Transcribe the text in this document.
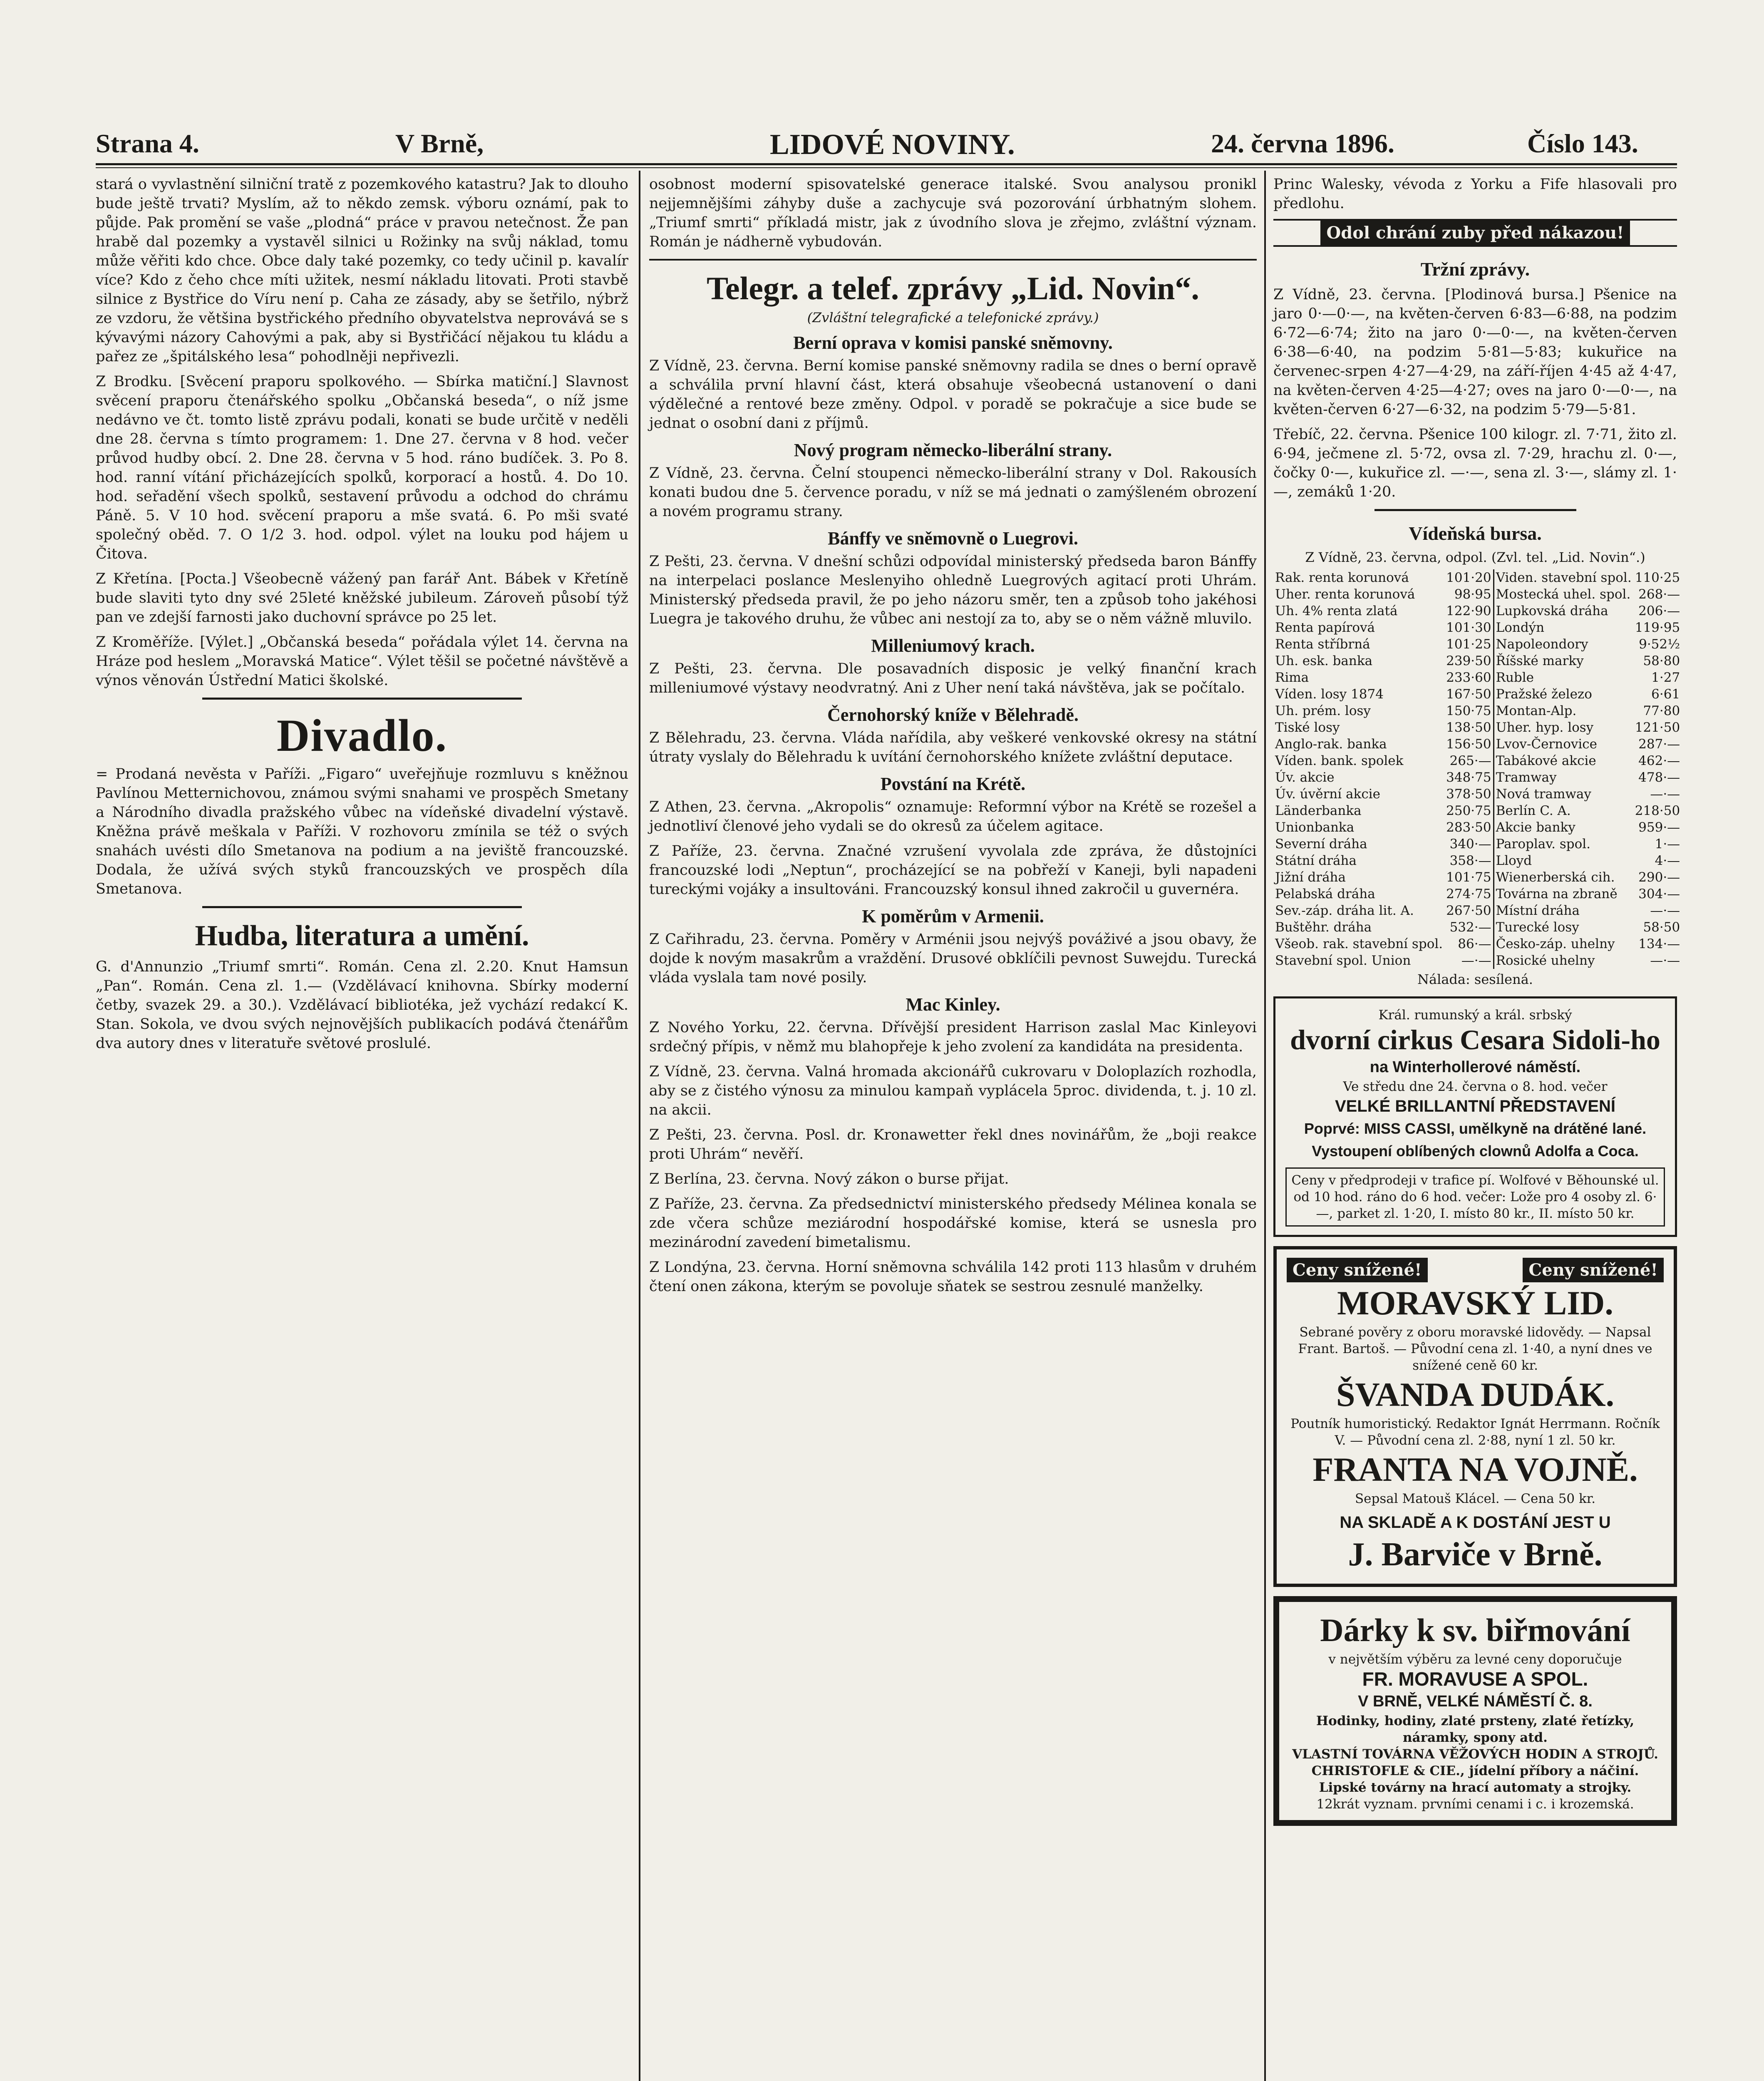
Strana 4.	V Brně,	LIDOVÉ NOVINY.	24. června 1896.	Číslo 143.

stará o vyvlastnění silniční tratě z pozemkového katastru? Jak to dlouho bude ještě trvati? Myslím, až to někdo zemsk. výboru oznámí, pak to půjde. Pak promění se vaše „plodná“ práce v pravou netečnost. Že pan hrabě dal pozemky a vystavěl silnici u Rožinky na svůj náklad, tomu může věřiti kdo chce. Obce daly také pozemky, co tedy učinil p. kavalír více? Kdo z čeho chce míti užitek, nesmí nákladu litovati. Proti stavbě silnice z Bystřice do Víru není p. Caha ze zásady, aby se šetřilo, nýbrž ze vzdoru, že většina bystřického předního obyvatelstva neprovává se s kývavými názory Cahovými a pak, aby si Bystřičácí nějakou tu kládu a pařez ze „špitálského lesa“ pohodlněji nepřivezli.

Z Brodku. [Svěcení praporu spolkového. — Sbírka matiční.] Slavnost svěcení praporu čtenářského spolku „Občanská beseda“, o níž jsme nedávno ve čt. tomto listě zprávu podali, konati se bude určitě v neděli dne 28. června s tímto programem: 1. Dne 27. června v 8 hod. večer průvod hudby obcí. 2. Dne 28. června v 5 hod. ráno budíček. 3. Po 8. hod. ranní vítání přicházejících spolků, korporací a hostů. 4. Do 10. hod. seřadění všech spolků, sestavení průvodu a odchod do chrámu Páně. 5. V 10 hod. svěcení praporu a mše svatá. 6. Po mši svaté společný oběd. 7. O 1/2 3. hod. odpol. výlet na louku pod hájem u Čitova.

Z Křetína. [Pocta.] Všeobecně vážený pan farář Ant. Bábek v Křetíně bude slaviti tyto dny své 25leté kněžské jubileum. Zároveň působí týž pan ve zdejší farnosti jako duchovní správce po 25 let.

Z Kroměříže. [Výlet.] „Občanská beseda“ pořádala výlet 14. června na Hráze pod heslem „Moravská Matice“. Výlet těšil se početné návštěvě a výnos věnován Ústřední Matici školské.

Divadlo.

= Prodaná nevěsta v Paříži. „Figaro“ uveřejňuje rozmluvu s kněžnou Pavlínou Metternichovou, známou svými snahami ve prospěch Smetany a Národního divadla pražského vůbec na vídeňské divadelní výstavě. Kněžna právě meškala v Paříži. V rozhovoru zmínila se též o svých snahách uvésti dílo Smetanova na podium a na jeviště francouzské. Dodala, že užívá svých styků francouzských ve prospěch díla Smetanova.

Hudba, literatura a umění.

G. d'Annunzio „Triumf smrti“. Román. Cena zl. 2.20. Knut Hamsun „Pan“. Román. Cena zl. 1.— (Vzdělávací knihovna. Sbírky moderní četby, svazek 29. a 30.). Vzdělávací bibliotéka, jež vychází redakcí K. Stan. Sokola, ve dvou svých nejnovějších publikacích podává čtenářům dva autory dnes v literatuře světové proslulé.

osobnost moderní spisovatelské generace italské. Svou analysou pronikl nejjemnějšími záhyby duše a zachycuje svá pozorování úrbhatným slohem. „Triumf smrti“ příkladá mistr, jak z úvodního slova je zřejmo, zvláštní význam. Román je nádherně vybudován.

Telegr. a telef. zprávy „Lid. Novin“.
(Zvláštní telegrafické a telefonické zprávy.)
Berní oprava v komisi panské sněmovny.

Z Vídně, 23. června. Berní komise panské sněmovny radila se dnes o berní opravě a schválila první hlavní část, která obsahuje všeobecná ustanovení o dani výdělečné a rentové beze změny. Odpol. v poradě se pokračuje a sice bude se jednat o osobní dani z příjmů.

Nový program německo-liberální strany.

Z Vídně, 23. června. Čelní stoupenci německo-liberální strany v Dol. Rakousích konati budou dne 5. července poradu, v níž se má jednati o zamýšleném obrození a novém programu strany.

Bánffy ve sněmovně o Luegrovi.

Z Pešti, 23. června. V dnešní schůzi odpovídal ministerský předseda baron Bánffy na interpelaci poslance Meslenyiho ohledně Luegrových agitací proti Uhrám. Ministerský předseda pravil, že po jeho názoru směr, ten a způsob toho jakéhosi Luegra je takového druhu, že vůbec ani nestojí za to, aby se o něm vážně mluvilo.

Milleniumový krach.

Z Pešti, 23. června. Dle posavadních disposic je velký finanční krach milleniumové výstavy neodvratný. Ani z Uher není taká návštěva, jak se počítalo.

Černohorský kníže v Bělehradě.

Z Bělehradu, 23. června. Vláda nařídila, aby veškeré venkovské okresy na státní útraty vyslaly do Bělehradu k uvítání černohorského knížete zvláštní deputace.

Povstání na Krétě.

Z Athen, 23. června. „Akropolis“ oznamuje: Reformní výbor na Krétě se rozešel a jednotliví členové jeho vydali se do okresů za účelem agitace.

Z Paříže, 23. června. Značné vzrušení vyvolala zde zpráva, že důstojníci francouzské lodi „Neptun“, procházející se na pobřeží v Kaneji, byli napadeni tureckými vojáky a insultováni. Francouzský konsul ihned zakročil u guvernéra.

K poměrům v Armenii.

Z Cařihradu, 23. června. Poměry v Arménii jsou nejvýš pováživé a jsou obavy, že dojde k novým masakrům a vraždění. Drusové obklíčili pevnost Suwejdu. Turecká vláda vyslala tam nové posily.

Mac Kinley.

Z Nového Yorku, 22. června. Dřívější president Harrison zaslal Mac Kinleyovi srdečný přípis, v němž mu blahopřeje k jeho zvolení za kandidáta na presidenta.

Z Vídně, 23. června. Valná hromada akcionářů cukrovaru v Doloplazích rozhodla, aby se z čistého výnosu za minulou kampaň vyplácela 5proc. dividenda, t. j. 10 zl. na akcii.

Z Pešti, 23. června. Posl. dr. Kronawetter řekl dnes novinářům, že „boji reakce proti Uhrám“ nevěří.

Z Berlína, 23. června. Nový zákon o burse přijat.

Z Paříže, 23. června. Za předsednictví ministerského předsedy Mélinea konala se zde včera schůze meziárodní hospodářské komise, která se usnesla pro mezinárodní zavedení bimetalismu.

Z Londýna, 23. června. Horní sněmovna schválila 142 proti 113 hlasům v druhém čtení onen zákona, kterým se povoluje sňatek se sestrou zesnulé manželky.

Princ Walesky, vévoda z Yorku a Fife hlasovali pro předlohu.

Odol chrání zuby před nákazou!
Tržní zprávy.

Z Vídně, 23. června. [Plodinová bursa.] Pšenice na jaro 0·—0·—, na květen-červen 6·83—6·88, na podzim 6·72—6·74; žito na jaro 0·—0·—, na květen-červen 6·38—6·40, na podzim 5·81—5·83; kukuřice na červenec-srpen 4·27—4·29, na září-říjen 4·45 až 4·47, na květen-červen 4·25—4·27; oves na jaro 0·—0·—, na květen-červen 6·27—6·32, na podzim 5·79—5·81.

Třebíč, 22. června. Pšenice 100 kilogr. zl. 7·71, žito zl. 6·94, ječmene zl. 5·72, ovsa zl. 7·29, hrachu zl. 0·—, čočky 0·—, kukuřice zl. —·—, sena zl. 3·—, slámy zl. 1·—, zemáků 1·20.

Vídeňská bursa.
Z Vídně, 23. června, odpol. (Zvl. tel. „Lid. Novin“.)
Rak. renta korunová	101·20	Viden. stavební spol.	110·25
Uher. renta korunová	98·95	Mostecká uhel. spol.	268·—
Uh. 4% renta zlatá	122·90	Lupkovská dráha	206·—
Renta papírová	101·30	Londýn	119·95
Renta stříbrná	101·25	Napoleondory	9·52½
Uh. esk. banka	239·50	Říšské marky	58·80
Rima	233·60	Ruble	1·27
Víden. losy 1874	167·50	Pražské železo	6·61
Uh. prém. losy	150·75	Montan-Alp.	77·80
Tiské losy	138·50	Uher. hyp. losy	121·50
Anglo-rak. banka	156·50	Lvov-Černovice	287·—
Víden. bank. spolek	265·—	Tabákové akcie	462·—
Úv. akcie	348·75	Tramway	478·—
Úv. úvěrní akcie	378·50	Nová tramway	—·—
Länderbanka	250·75	Berlín C. A.	218·50
Unionbanka	283·50	Akcie banky	959·—
Severní dráha	340·—	Paroplav. spol.	1·—
Státní dráha	358·—	Lloyd	4·—
Jižní dráha	101·75	Wienerberská cih.	290·—
Pelabská dráha	274·75	Továrna na zbraně	304·—
Sev.-záp. dráha lit. A.	267·50	Místní dráha	—·—
Buštěhr. dráha	532·—	Turecké losy	58·50
Všeob. rak. stavební spol.	86·—	Česko-záp. uhelny	134·—
Stavební spol. Union	—·—	Rosické uhelny	—·—
Nálada: sesílená.
Král. rumunský a král. srbský
dvorní cirkus Cesara Sidoli-ho
na Winterhollerové náměstí.
Ve středu dne 24. června o 8. hod. večer
VELKÉ BRILLANTNÍ PŘEDSTAVENÍ
Poprvé: MISS CASSI, umělkyně na drátěné lané.
Vystoupení oblíbených clownů Adolfa a Coca.
Ceny v předprodeji v trafice pí. Wolfové v Běhounské ul. od 10 hod. ráno do 6 hod. večer: Lože pro 4 osoby zl. 6·—, parket zl. 1·20, I. místo 80 kr., II. místo 50 kr.
Ceny snížené!	Ceny snížené!
MORAVSKÝ LID.
Sebrané pověry z oboru moravské lidovědy. — Napsal Frant. Bartoš. — Původní cena zl. 1·40, a nyní dnes ve snížené ceně 60 kr.
ŠVANDA DUDÁK.
Poutník humoristický. Redaktor Ignát Herrmann. Ročník V. — Původní cena zl. 2·88, nyní 1 zl. 50 kr.
FRANTA NA VOJNĚ.
Sepsal Matouš Klácel. — Cena 50 kr.
NA SKLADĚ A K DOSTÁNÍ JEST U
J. Barviče v Brně.
Dárky k sv. biřmování
v největším výběru za levné ceny doporučuje
FR. MORAVUSE A SPOL.
V BRNĚ, VELKÉ NÁMĚSTÍ Č. 8.
Hodinky, hodiny, zlaté prsteny, zlaté řetízky, náramky, spony atd.
VLASTNÍ TOVÁRNA VĚŽOVÝCH HODIN A STROJŮ.
CHRISTOFLE & CIE., jídelní příbory a náčiní.
Lipské továrny na hrací automaty a strojky.
12krát vyznam. prvními cenami i c. i krozemská.
